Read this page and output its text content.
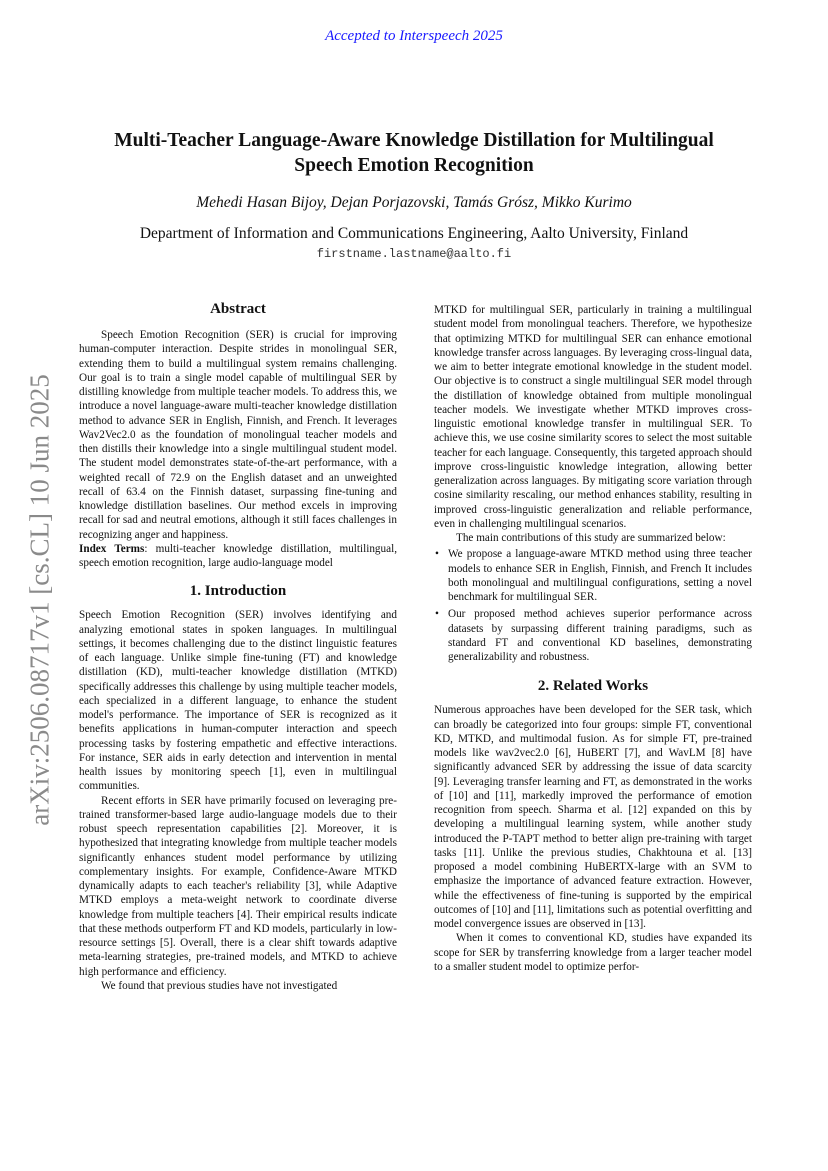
Accepted to Interspeech 2025
arXiv:2506.08717v1 [cs.CL] 10 Jun 2025
Multi-Teacher Language-Aware Knowledge Distillation for Multilingual Speech Emotion Recognition
Mehedi Hasan Bijoy, Dejan Porjazovski, Tamás Grósz, Mikko Kurimo
Department of Information and Communications Engineering, Aalto University, Finland
firstname.lastname@aalto.fi
Abstract

Speech Emotion Recognition (SER) is crucial for improving human-computer interaction. Despite strides in monolingual SER, extending them to build a multilingual system remains challenging. Our goal is to train a single model capable of multilingual SER by distilling knowledge from multiple teacher models. To address this, we introduce a novel language-aware multi-teacher knowledge distillation method to advance SER in English, Finnish, and French. It leverages Wav2Vec2.0 as the foundation of monolingual teacher models and then distills their knowledge into a single multilingual student model. The student model demonstrates state-of-the-art performance, with a weighted recall of 72.9 on the English dataset and an unweighted recall of 63.4 on the Finnish dataset, surpassing fine-tuning and knowledge distillation baselines. Our method excels in improving recall for sad and neutral emotions, although it still faces challenges in recognizing anger and happiness.

Index Terms: multi-teacher knowledge distillation, multilingual, speech emotion recognition, large audio-language model

1. Introduction

Speech Emotion Recognition (SER) involves identifying and analyzing emotional states in spoken languages. In multilingual settings, it becomes challenging due to the distinct linguistic features of each language. Unlike simple fine-tuning (FT) and knowledge distillation (KD), multi-teacher knowledge distillation (MTKD) specifically addresses this challenge by using multiple teacher models, each specialized in a different language, to enhance the student model's performance. The importance of SER is recognized as it benefits applications in human-computer interaction and speech processing tasks by fostering empathetic and effective interactions. For instance, SER aids in early detection and intervention in mental health issues by monitoring speech [1], even in multilingual communities.

Recent efforts in SER have primarily focused on leveraging pre-trained transformer-based large audio-language models due to their robust speech representation capabilities [2]. Moreover, it is hypothesized that integrating knowledge from multiple teacher models significantly enhances student model performance by utilizing complementary insights. For example, Confidence-Aware MTKD dynamically adapts to each teacher's reliability [3], while Adaptive MTKD employs a meta-weight network to coordinate diverse knowledge from multiple teachers [4]. Their empirical results indicate that these methods outperform FT and KD models, particularly in low-resource settings [5]. Overall, there is a clear shift towards adaptive meta-learning strategies, pre-trained models, and MTKD to achieve high performance and efficiency.

We found that previous studies have not investigated

MTKD for multilingual SER, particularly in training a multilingual student model from monolingual teachers. Therefore, we hypothesize that optimizing MTKD for multilingual SER can enhance emotional knowledge transfer across languages. By leveraging cross-lingual data, we aim to better integrate emotional knowledge in the student model. Our objective is to construct a single multilingual SER model through the distillation of knowledge obtained from multiple monolingual teacher models. We investigate whether MTKD improves cross-linguistic emotional knowledge transfer in multilingual SER. To achieve this, we use cosine similarity scores to select the most suitable teacher for each language. Consequently, this targeted approach should improve cross-linguistic knowledge integration, allowing better generalization across languages. By mitigating score variation through cosine similarity rescaling, our method enhances stability, resulting in improved cross-linguistic generalization and reliable performance, even in challenging multilingual scenarios.

The main contributions of this study are summarized below:

• We propose a language-aware MTKD method using three teacher models to enhance SER in English, Finnish, and French It includes both monolingual and multilingual configurations, setting a novel benchmark for multilingual SER.
• Our proposed method achieves superior performance across datasets by surpassing different training paradigms, such as standard FT and conventional KD baselines, demonstrating generalizability and robustness.
2. Related Works

Numerous approaches have been developed for the SER task, which can broadly be categorized into four groups: simple FT, conventional KD, MTKD, and multimodal fusion. As for simple FT, pre-trained models like wav2vec2.0 [6], HuBERT [7], and WavLM [8] have significantly advanced SER by addressing the issue of data scarcity [9]. Leveraging transfer learning and FT, as demonstrated in the works of [10] and [11], markedly improved the performance of emotion recognition from speech. Sharma et al. [12] expanded on this by developing a multilingual learning system, while another study introduced the P-TAPT method to better align pre-training with target tasks [11]. Unlike the previous studies, Chakhtouna et al. [13] proposed a model combining HuBERTX-large with an SVM to emphasize the importance of advanced feature extraction. However, while the effectiveness of fine-tuning is supported by the empirical outcomes of [10] and [11], limitations such as potential overfitting and model convergence issues are observed in [13].

When it comes to conventional KD, studies have expanded its scope for SER by transferring knowledge from a larger teacher model to a smaller student model to optimize perfor-
